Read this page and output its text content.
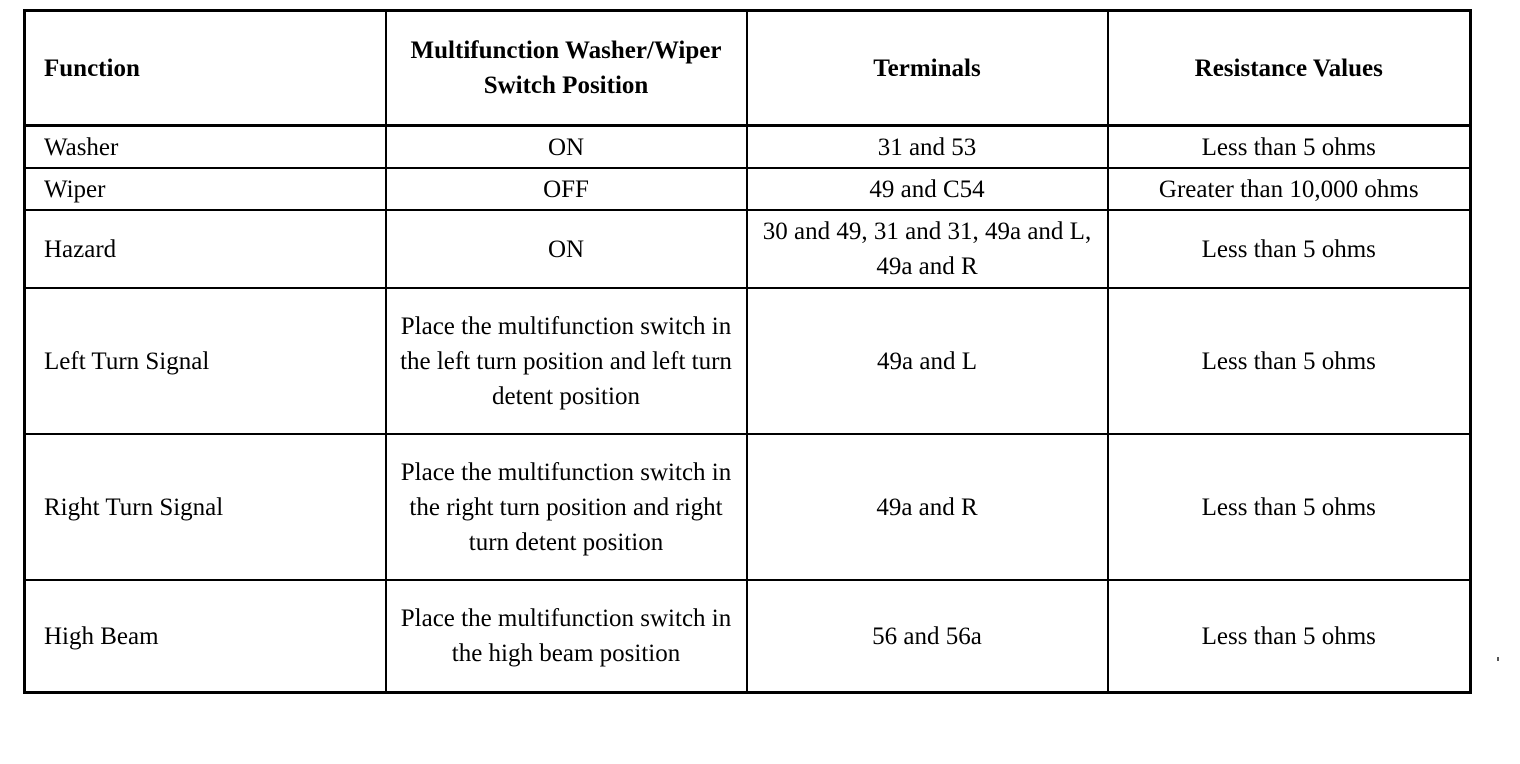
Function	Multifunction Washer/Wiper Switch Position	Terminals	Resistance Values
Washer	ON	31 and 53	Less than 5 ohms
Wiper	OFF	49 and C54	Greater than 10,000 ohms
Hazard	ON	30 and 49, 31 and 31, 49a and L, 49a and R	Less than 5 ohms
Left Turn Signal	Place the multifunction switch in the left turn position and left turn detent position	49a and L	Less than 5 ohms
Right Turn Signal	Place the multifunction switch in the right turn position and right turn detent position	49a and R	Less than 5 ohms
High Beam	Place the multifunction switch in the high beam position	56 and 56a	Less than 5 ohms
